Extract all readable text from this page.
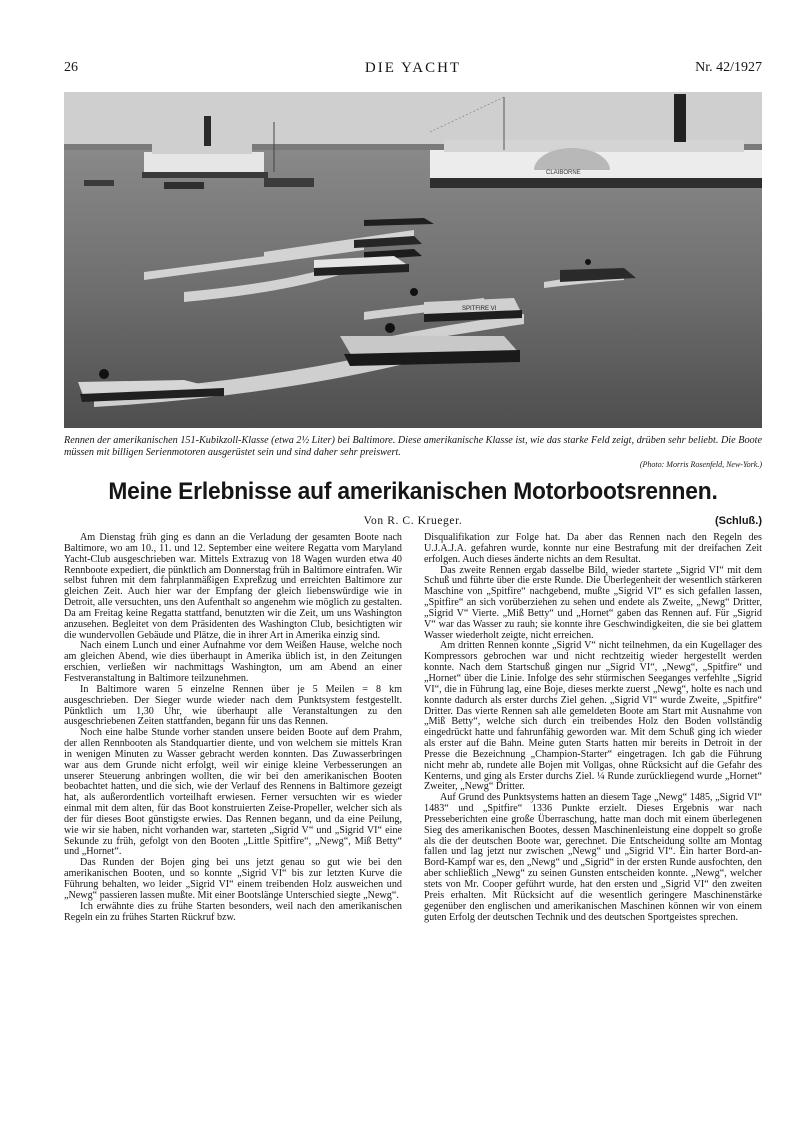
26	DIE YACHT	Nr. 42/1927
CLAIBORNE
SPITFIRE VI
Rennen der amerikanischen 151-Kubikzoll-Klasse (etwa 2½ Liter) bei Baltimore. Diese amerikanische Klasse ist, wie das starke Feld zeigt, drüben sehr beliebt. Die Boote müssen mit billigen Serienmotoren ausgerüstet sein und sind daher sehr preiswert.
(Photo: Morris Rosenfeld, New-York.)
Meine Erlebnisse auf amerikanischen Motorbootsrennen.
Von R. C. Krueger.	(Schluß.)

Am Dienstag früh ging es dann an die Verladung der gesamten Boote nach Baltimore, wo am 10., 11. und 12. September eine weitere Regatta vom Maryland Yacht-Club ausgeschrieben war. Mittels Extrazug von 18 Wagen wurden etwa 40 Rennboote expediert, die pünktlich am Donnerstag früh in Baltimore eintrafen. Wir selbst fuhren mit dem fahrplanmäßigen Expreßzug und erreichten Baltimore zur gleichen Zeit. Auch hier war der Empfang der gleich liebenswürdige wie in Detroit, alle versuchten, uns den Aufenthalt so angenehm wie möglich zu gestalten. Da am Freitag keine Regatta stattfand, benutzten wir die Zeit, um uns Washington anzusehen. Begleitet von dem Präsidenten des Washington Club, besichtigten wir die wundervollen Gebäude und Plätze, die in ihrer Art in Amerika einzig sind.

Nach einem Lunch und einer Aufnahme vor dem Weißen Hause, welche noch am gleichen Abend, wie dies überhaupt in Amerika üblich ist, in den Zeitungen erschien, verließen wir nachmittags Washington, um am Abend an einer Festveranstaltung in Baltimore teilzunehmen.

In Baltimore waren 5 einzelne Rennen über je 5 Meilen = 8 km ausgeschrieben. Der Sieger wurde wieder nach dem Punktsystem festgestellt. Pünktlich um 1,30 Uhr, wie überhaupt alle Veranstaltungen zu den ausgeschriebenen Zeiten stattfanden, begann für uns das Rennen.

Noch eine halbe Stunde vorher standen unsere beiden Boote auf dem Prahm, der allen Rennbooten als Standquartier diente, und von welchem sie mittels Kran in wenigen Minuten zu Wasser gebracht werden konnten. Das Zuwasserbringen war aus dem Grunde nicht erfolgt, weil wir einige kleine Verbesserungen an unserer Steuerung anbringen wollten, die wir bei den amerikanischen Booten beobachtet hatten, und die sich, wie der Verlauf des Rennens in Baltimore gezeigt hat, als außerordentlich vorteilhaft erwiesen. Ferner versuchten wir es wieder einmal mit dem alten, für das Boot konstruierten Zeise-Propeller, welcher sich als der für dieses Boot günstigste erwies. Das Rennen begann, und da eine Peilung, wie wir sie haben, nicht vorhanden war, starteten „Sigrid V“ und „Sigrid VI“ eine Sekunde zu früh, gefolgt von den Booten „Little Spitfire“, „Newg“, Miß Betty“ und „Hornet“.

Das Runden der Bojen ging bei uns jetzt genau so gut wie bei den amerikanischen Booten, und so konnte „Sigrid VI“ bis zur letzten Kurve die Führung behalten, wo leider „Sigrid VI“ einem treibenden Holz ausweichen und „Newg“ passieren lassen mußte. Mit einer Bootslänge Unterschied siegte „Newg“.

Ich erwähnte dies zu frühe Starten besonders, weil nach den amerikanischen Regeln ein zu frühes Starten Rückruf bzw.

Disqualifikation zur Folge hat. Da aber das Rennen nach den Regeln des U.J.A.J.A. gefahren wurde, konnte nur eine Bestrafung mit der dreifachen Zeit erfolgen. Auch dieses änderte nichts an dem Resultat.

Das zweite Rennen ergab dasselbe Bild, wieder startete „Sigrid VI“ mit dem Schuß und führte über die erste Runde. Die Überlegenheit der wesentlich stärkeren Maschine von „Spitfire“ nachgebend, mußte „Sigrid VI“ es sich gefallen lassen, „Spitfire“ an sich vorüberziehen zu sehen und endete als Zweite, „Newg“ Dritter, „Sigrid V“ Vierte. „Miß Betty“ und „Hornet“ gaben das Rennen auf. Für „Sigrid V“ war das Wasser zu rauh; sie konnte ihre Geschwindigkeiten, die sie bei glattem Wasser wiederholt zeigte, nicht erreichen.

Am dritten Rennen konnte „Sigrid V“ nicht teilnehmen, da ein Kugellager des Kompressors gebrochen war und nicht rechtzeitig wieder hergestellt werden konnte. Nach dem Startschuß gingen nur „Sigrid VI“, „Newg“, „Spitfire“ und „Hornet“ über die Linie. Infolge des sehr stürmischen Seeganges verfehlte „Sigrid VI“, die in Führung lag, eine Boje, dieses merkte zuerst „Newg“, holte es nach und konnte dadurch als erster durchs Ziel gehen. „Sigrid VI“ wurde Zweite, „Spitfire“ Dritter. Das vierte Rennen sah alle gemeldeten Boote am Start mit Ausnahme von „Miß Betty“, welche sich durch ein treibendes Holz den Boden vollständig eingedrückt hatte und fahrunfähig geworden war. Mit dem Schuß ging ich wieder als erster auf die Bahn. Meine guten Starts hatten mir bereits in Detroit in der Presse die Bezeichnung „Champion-Starter“ eingetragen. Ich gab die Führung nicht mehr ab, rundete alle Bojen mit Vollgas, ohne Rücksicht auf die Gefahr des Kenterns, und ging als Erster durchs Ziel. ¼ Runde zurückliegend wurde „Hornet“ Zweiter, „Newg“ Dritter.

Auf Grund des Punktsystems hatten an diesem Tage „Newg“ 1485, „Sigrid VI“ 1483“ und „Spitfire“ 1336 Punkte erzielt. Dieses Ergebnis war nach Presseberichten eine große Überraschung, hatte man doch mit einem überlegenen Sieg des amerikanischen Bootes, dessen Maschinenleistung eine doppelt so große als die der deutschen Boote war, gerechnet. Die Entscheidung sollte am Montag fallen und lag jetzt nur zwischen „Newg“ und „Sigrid VI“. Ein harter Bord-an-Bord-Kampf war es, den „Newg“ und „Sigrid“ in der ersten Runde ausfochten, den aber schließlich „Newg“ zu seinen Gunsten entscheiden konnte. „Newg“, welcher stets von Mr. Cooper geführt wurde, hat den ersten und „Sigrid VI“ den zweiten Preis erhalten. Mit Rücksicht auf die wesentlich geringere Maschinenstärke gegenüber den englischen und amerikanischen Maschinen können wir von einem guten Erfolg der deutschen Technik und des deutschen Sportgeistes sprechen.
